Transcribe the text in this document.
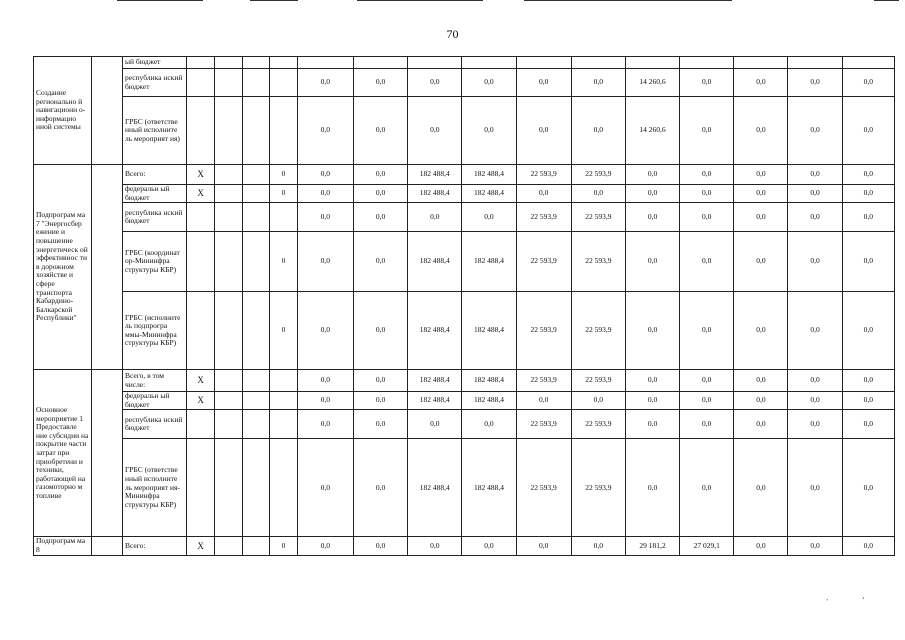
70
Создание регионально й навигационн о-информацио нной системы		ый бюджет															
		республика нский бюджет					0,0	0,0	0,0	0,0	0,0	0,0	14 260,6	0,0	0,0	0,0	0,0
		ГРБС (ответстве нный исполните ль мероприят ия)					0,0	0,0	0,0	0,0	0,0	0,0	14 260,6	0,0	0,0	0,0	0,0
Подпрограм ма 7 "Энергосбер ежение и повышение энергетическ ой эффективнос ти в дорожном хозяйстве и сфере транспорта Кабардино-Балкарской Республики"		Всего:	X			0	0,0	0,0	182 488,4	182 488,4	22 593,9	22 593,9	0,0	0,0	0,0	0,0	0,0
		федеральн ый бюджет	X			0	0,0	0,0	182 488,4	182 488,4	0,0	0,0	0,0	0,0	0,0	0,0	0,0
		республика нский бюджет					0,0	0,0	0,0	0,0	22 593,9	22 593,9	0,0	0,0	0,0	0,0	0,0
		ГРБС (координат ор-Мининфра структуры КБР)				0	0,0	0,0	182 488,4	182 488,4	22 593,9	22 593,9	0,0	0,0	0,0	0,0	0,0
		ГРБС (исполните ль подпрогра ммы-Мининфра структуры КБР)				0	0,0	0,0	182 488,4	182 488,4	22 593,9	22 593,9	0,0	0,0	0,0	0,0	0,0
Основное мероприятие 1 Предоставле ние субсидии на покрытие части затрат при приобретени и техники, работающей на газомоторно м топливе		Всего, в том числе:	X				0,0	0,0	182 488,4	182 488,4	22 593,9	22 593,9	0,0	0,0	0,0	0,0	0,0
		федеральн ый бюджет	X				0,0	0,0	182 488,4	182 488,4	0,0	0,0	0,0	0,0	0,0	0,0	0,0
		республика нский бюджет					0,0	0,0	0,0	0,0	22 593,9	22 593,9	0,0	0,0	0,0	0,0	0,0
		ГРБС (ответстве нный исполните ль мероприят ия-Мининфра структуры КБР)					0,0	0,0	182 488,4	182 488,4	22 593,9	22 593,9	0,0	0,0	0,0	0,0	0,0
Подпрограм ма 8		Всего:	X			0	0,0	0,0	0,0	0,0	0,0	0,0	29 181,2	27 029,1	0,0	0,0	0,0
‚	›
